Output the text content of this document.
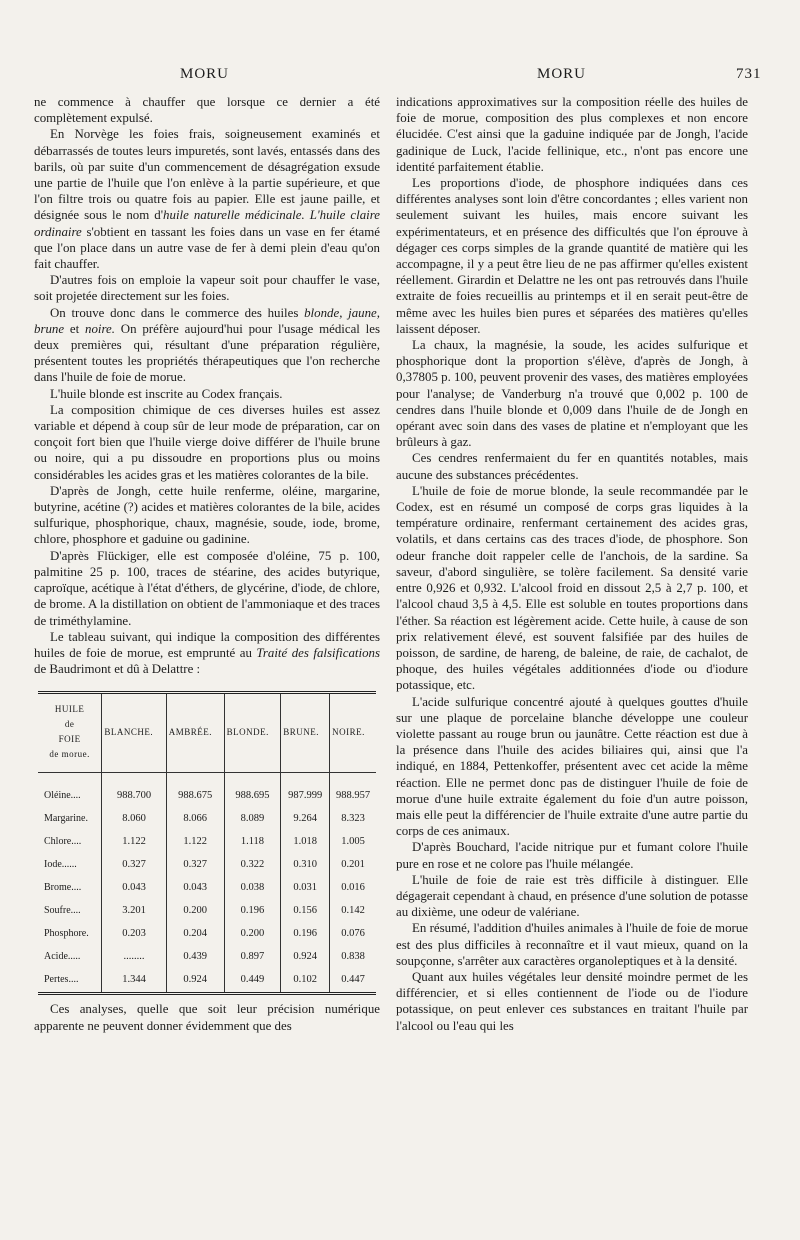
MORU	MORU	731

ne commence à chauffer que lorsque ce dernier a été complètement expulsé.

En Norvège les foies frais, soigneusement examinés et débarrassés de toutes leurs impuretés, sont lavés, entassés dans des barils, où par suite d'un commencement de désagrégation exsude une partie de l'huile que l'on enlève à la partie supérieure, et que l'on filtre trois ou quatre fois au papier. Elle est jaune paille, et désignée sous le nom d'huile naturelle médicinale. L'huile claire ordinaire s'obtient en tassant les foies dans un vase en fer étamé que l'on place dans un autre vase de fer à demi plein d'eau qu'on fait chauffer.

D'autres fois on emploie la vapeur soit pour chauffer le vase, soit projetée directement sur les foies.

On trouve donc dans le commerce des huiles blonde, jaune, brune et noire. On préfère aujourd'hui pour l'usage médical les deux premières qui, résultant d'une préparation régulière, présentent toutes les propriétés thérapeutiques que l'on recherche dans l'huile de foie de morue.

L'huile blonde est inscrite au Codex français.

La composition chimique de ces diverses huiles est assez variable et dépend à coup sûr de leur mode de préparation, car on conçoit fort bien que l'huile vierge doive différer de l'huile brune ou noire, qui a pu dissoudre en proportions plus ou moins considérables les acides gras et les matières colorantes de la bile.

D'après de Jongh, cette huile renferme, oléine, margarine, butyrine, acétine (?) acides et matières colorantes de la bile, acides sulfurique, phosphorique, chaux, magnésie, soude, iode, brome, chlore, phosphore et gaduine ou gadinine.

D'après Flückiger, elle est composée d'oléine, 75 p. 100, palmitine 25 p. 100, traces de stéarine, des acides butyrique, caproïque, acétique à l'état d'éthers, de glycérine, d'iode, de chlore, de brome. A la distillation on obtient de l'ammoniaque et des traces de triméthylamine.

Le tableau suivant, qui indique la composition des différentes huiles de foie de morue, est emprunté au Traité des falsifications de Baudrimont et dû à Delattre :

HUILE
de
FOIE
de morue.	BLANCHE.	AMBRÉE.	BLONDE.	BRUNE.	NOIRE.
Oléine....	988.700	988.675	988.695	987.999	988.957
Margarine.	8.060	8.066	8.089	9.264	8.323
Chlore....	1.122	1.122	1.118	1.018	1.005
Iode......	0.327	0.327	0.322	0.310	0.201
Brome....	0.043	0.043	0.038	0.031	0.016
Soufre....	3.201	0.200	0.196	0.156	0.142
Phosphore.	0.203	0.204	0.200	0.196	0.076
Acide.....	........	0.439	0.897	0.924	0.838
Pertes....	1.344	0.924	0.449	0.102	0.447

Ces analyses, quelle que soit leur précision numérique apparente ne peuvent donner évidemment que des

indications approximatives sur la composition réelle des huiles de foie de morue, composition des plus complexes et non encore élucidée. C'est ainsi que la gaduine indiquée par de Jongh, l'acide gadinique de Luck, l'acide fellinique, etc., n'ont pas encore une identité parfaitement établie.

Les proportions d'iode, de phosphore indiquées dans ces différentes analyses sont loin d'être concordantes ; elles varient non seulement suivant les huiles, mais encore suivant les expérimentateurs, et en présence des difficultés que l'on éprouve à dégager ces corps simples de la grande quantité de matière qui les accompagne, il y a peut être lieu de ne pas affirmer qu'elles existent réellement. Girardin et Delattre ne les ont pas retrouvés dans l'huile extraite de foies recueillis au printemps et il en serait peut-être de même avec les huiles bien pures et séparées des matières qu'elles laissent déposer.

La chaux, la magnésie, la soude, les acides sulfurique et phosphorique dont la proportion s'élève, d'après de Jongh, à 0,37805 p. 100, peuvent provenir des vases, des matières employées pour l'analyse; de Vanderburg n'a trouvé que 0,002 p. 100 de cendres dans l'huile blonde et 0,009 dans l'huile de de Jongh en opérant avec soin dans des vases de platine et n'employant que les brûleurs à gaz.

Ces cendres renfermaient du fer en quantités notables, mais aucune des substances précédentes.

L'huile de foie de morue blonde, la seule recommandée par le Codex, est en résumé un composé de corps gras liquides à la température ordinaire, renfermant certainement des acides gras, volatils, et dans certains cas des traces d'iode, de phosphore. Son odeur franche doit rappeler celle de l'anchois, de la sardine. Sa saveur, d'abord singulière, se tolère facilement. Sa densité varie entre 0,926 et 0,932. L'alcool froid en dissout 2,5 à 2,7 p. 100, et l'alcool chaud 3,5 à 4,5. Elle est soluble en toutes proportions dans l'éther. Sa réaction est légèrement acide. Cette huile, à cause de son prix relativement élevé, est souvent falsifiée par des huiles de poisson, de sardine, de hareng, de baleine, de raie, de cachalot, de phoque, des huiles végétales additionnées d'iode ou d'iodure potassique, etc.

L'acide sulfurique concentré ajouté à quelques gouttes d'huile sur une plaque de porcelaine blanche développe une couleur violette passant au rouge brun ou jaunâtre. Cette réaction est due à la présence dans l'huile des acides biliaires qui, ainsi que l'a indiqué, en 1884, Pettenkoffer, présentent avec cet acide la même réaction. Elle ne permet donc pas de distinguer l'huile de foie de morue d'une huile extraite également du foie d'un autre poisson, mais elle peut la différencier de l'huile extraite d'une autre partie du corps de ces animaux.

D'après Bouchard, l'acide nitrique pur et fumant colore l'huile pure en rose et ne colore pas l'huile mélangée.

L'huile de foie de raie est très difficile à distinguer. Elle dégagerait cependant à chaud, en présence d'une solution de potasse au dixième, une odeur de valériane.

En résumé, l'addition d'huiles animales à l'huile de foie de morue est des plus difficiles à reconnaître et il vaut mieux, quand on la soupçonne, s'arrêter aux caractères organoleptiques et à la densité.

Quant aux huiles végétales leur densité moindre permet de les différencier, et si elles contiennent de l'iode ou de l'iodure potassique, on peut enlever ces substances en traitant l'huile par l'alcool ou l'eau qui les
